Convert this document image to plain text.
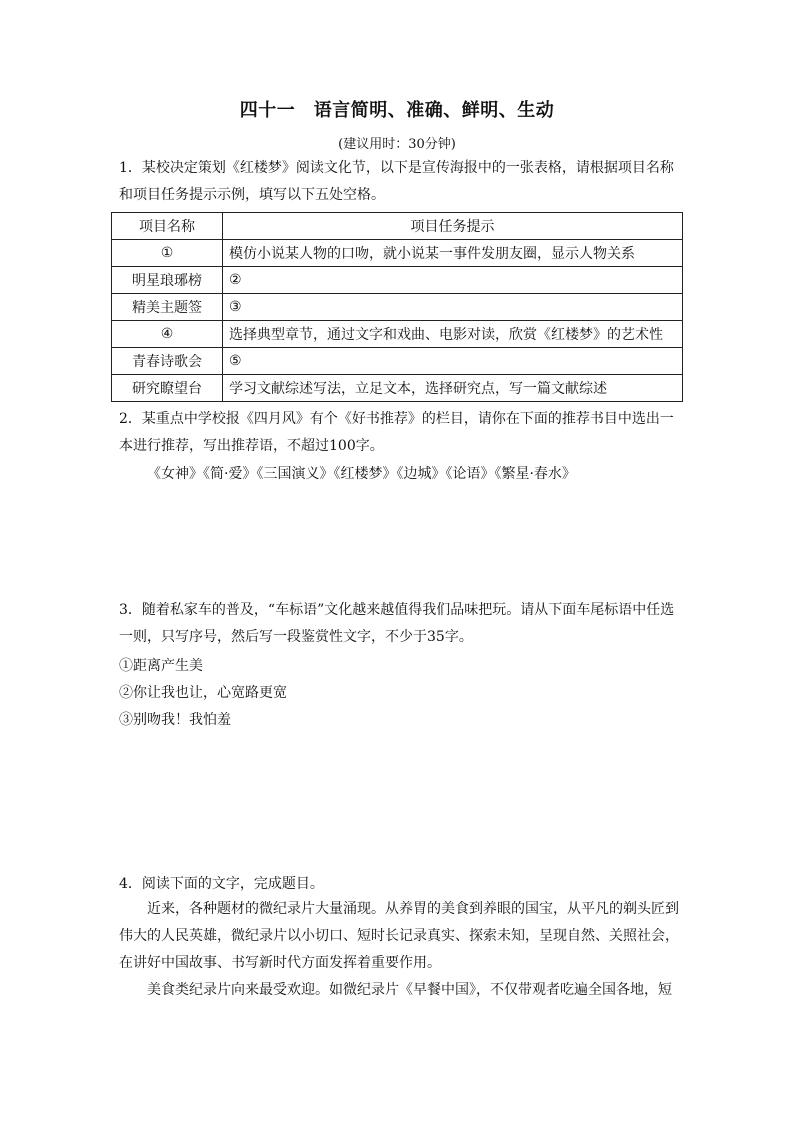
四十一　语言简明、准确、鲜明、生动
(建议用时：30分钟)

1．某校决定策划《红楼梦》阅读文化节，以下是宣传海报中的一张表格，请根据项目名称和项目任务提示示例，填写以下五处空格。

项目名称	项目任务提示
①	模仿小说某人物的口吻，就小说某一事件发朋友圈，显示人物关系
明星琅琊榜	②
精美主题签	③
④	选择典型章节，通过文字和戏曲、电影对读，欣赏《红楼梦》的艺术性
青春诗歌会	⑤
研究瞭望台	学习文献综述写法，立足文本，选择研究点，写一篇文献综述

2．某重点中学校报《四月风》有个《好书推荐》的栏目，请你在下面的推荐书目中选出一本进行推荐，写出推荐语，不超过100字。

《女神》《简·爱》《三国演义》《红楼梦》《边城》《论语》《繁星·春水》

3．随着私家车的普及，“车标语”文化越来越值得我们品味把玩。请从下面车尾标语中任选一则，只写序号，然后写一段鉴赏性文字，不少于35字。

①距离产生美
②你让我也让，心宽路更宽
③别吻我！我怕羞
4．阅读下面的文字，完成题目。

近来，各种题材的微纪录片大量涌现。从养胃的美食到养眼的国宝，从平凡的剃头匠到伟大的人民英雄，微纪录片以小切口、短时长记录真实、探索未知，呈现自然、关照社会，在讲好中国故事、书写新时代方面发挥着重要作用。

美食类纪录片向来最受欢迎。如微纪录片《早餐中国》，不仅带观者吃遍全国各地，短
